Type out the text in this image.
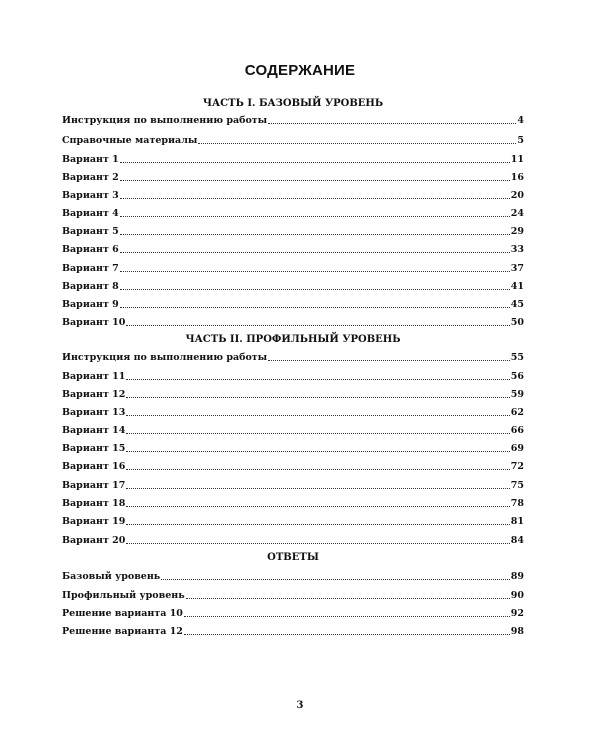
СОДЕРЖАНИЕ
ЧАСТЬ I. БАЗОВЫЙ УРОВЕНЬ
Инструкция по выполнению работы	4
Справочные материалы	5
Вариант 1	11
Вариант 2	16
Вариант 3	20
Вариант 4	24
Вариант 5	29
Вариант 6	33
Вариант 7	37
Вариант 8	41
Вариант 9	45
Вариант 10	50
ЧАСТЬ II. ПРОФИЛЬНЫЙ УРОВЕНЬ
Инструкция по выполнению работы	55
Вариант 11	56
Вариант 12	59
Вариант 13	62
Вариант 14	66
Вариант 15	69
Вариант 16	72
Вариант 17	75
Вариант 18	78
Вариант 19	81
Вариант 20	84
ОТВЕТЫ
Базовый уровень	89
Профильный уровень	90
Решение варианта 10	92
Решение варианта 12	98
3
